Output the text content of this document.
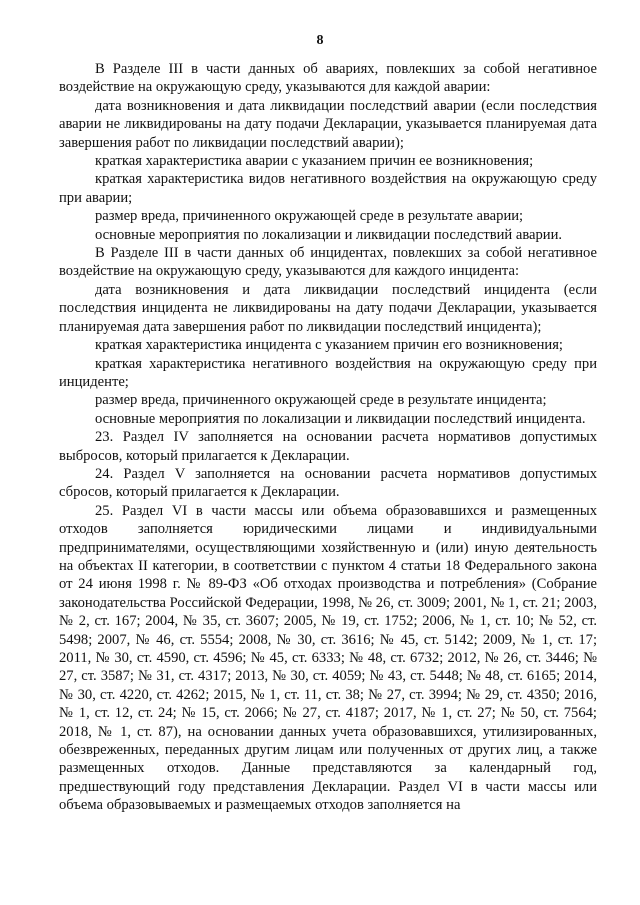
8

В Разделе III в части данных об авариях, повлекших за собой негативное воздействие на окружающую среду, указываются для каждой аварии:

дата возникновения и дата ликвидации последствий аварии (если последствия аварии не ликвидированы на дату подачи Декларации, указывается планируемая дата завершения работ по ликвидации последствий аварии);

краткая характеристика аварии с указанием причин ее возникновения;

краткая характеристика видов негативного воздействия на окружающую среду при аварии;

размер вреда, причиненного окружающей среде в результате аварии;

основные мероприятия по локализации и ликвидации последствий аварии.

В Разделе III в части данных об инцидентах, повлекших за собой негативное воздействие на окружающую среду, указываются для каждого инцидента:

дата возникновения и дата ликвидации последствий инцидента (если последствия инцидента не ликвидированы на дату подачи Декларации, указывается планируемая дата завершения работ по ликвидации последствий инцидента);

краткая характеристика инцидента с указанием причин его возникновения;

краткая характеристика негативного воздействия на окружающую среду при инциденте;

размер вреда, причиненного окружающей среде в результате инцидента;

основные мероприятия по локализации и ликвидации последствий инцидента.

23. Раздел IV заполняется на основании расчета нормативов допустимых выбросов, который прилагается к Декларации.

24. Раздел V заполняется на основании расчета нормативов допустимых сбросов, который прилагается к Декларации.

25. Раздел VI в части массы или объема образовавшихся и размещенных отходов заполняется юридическими лицами и индивидуальными предпринимателями, осуществляющими хозяйственную и (или) иную деятельность на объектах II категории, в соответствии с пунктом 4 статьи 18 Федерального закона от 24 июня 1998 г. № 89-ФЗ «Об отходах производства и потребления» (Собрание законодательства Российской Федерации, 1998, № 26, ст. 3009; 2001, № 1, ст. 21; 2003, № 2, ст. 167; 2004, № 35, ст. 3607; 2005, № 19, ст. 1752; 2006, № 1, ст. 10; № 52, ст. 5498; 2007, № 46, ст. 5554; 2008, № 30, ст. 3616; № 45, ст. 5142; 2009, № 1, ст. 17; 2011, № 30, ст. 4590, ст. 4596; № 45, ст. 6333; № 48, ст. 6732; 2012, № 26, ст. 3446; № 27, ст. 3587; № 31, ст. 4317; 2013, № 30, ст. 4059; № 43, ст. 5448; № 48, ст. 6165; 2014, № 30, ст. 4220, ст. 4262; 2015, № 1, ст. 11, ст. 38; № 27, ст. 3994; № 29, ст. 4350; 2016, № 1, ст. 12, ст. 24; № 15, ст. 2066; № 27, ст. 4187; 2017, № 1, ст. 27; № 50, ст. 7564; 2018, № 1, ст. 87), на основании данных учета образовавшихся, утилизированных, обезвреженных, переданных другим лицам или полученных от других лиц, а также размещенных отходов. Данные представляются за календарный год, предшествующий году представления Декларации. Раздел VI в части массы или объема образовываемых и размещаемых отходов заполняется на
